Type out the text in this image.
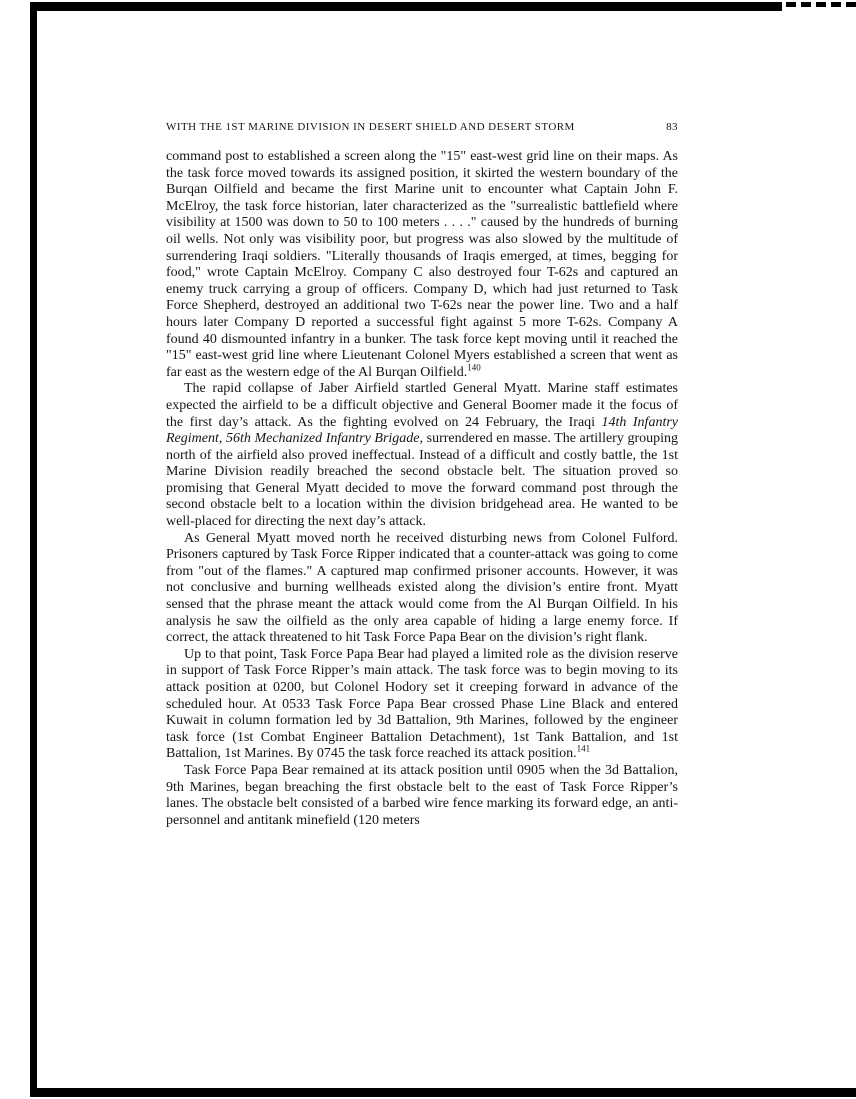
WITH THE 1ST MARINE DIVISION IN DESERT SHIELD AND DESERT STORM	83

command post to established a screen along the "15" east-west grid line on their maps. As the task force moved towards its assigned position, it skirted the western boundary of the Burqan Oilfield and became the first Marine unit to encounter what Captain John F. McElroy, the task force historian, later characterized as the "surrealistic battlefield where visibility at 1500 was down to 50 to 100 meters . . . ." caused by the hundreds of burning oil wells. Not only was visibility poor, but progress was also slowed by the multitude of surrendering Iraqi soldiers. "Literally thousands of Iraqis emerged, at times, begging for food," wrote Captain McElroy. Company C also destroyed four T-62s and captured an enemy truck carrying a group of officers. Company D, which had just returned to Task Force Shepherd, destroyed an additional two T-62s near the power line. Two and a half hours later Company D reported a successful fight against 5 more T-62s. Company A found 40 dismounted infantry in a bunker. The task force kept moving until it reached the "15" east-west grid line where Lieutenant Colonel Myers established a screen that went as far east as the western edge of the Al Burqan Oilfield.$^{140}$

The rapid collapse of Jaber Airfield startled General Myatt. Marine staff estimates expected the airfield to be a difficult objective and General Boomer made it the focus of the first day’s attack. As the fighting evolved on 24 February, the Iraqi 14th Infantry Regiment, 56th Mechanized Infantry Brigade, surrendered en masse. The artillery grouping north of the airfield also proved ineffectual. Instead of a difficult and costly battle, the 1st Marine Division readily breached the second obstacle belt. The situation proved so promising that General Myatt decided to move the forward command post through the second obstacle belt to a location within the division bridgehead area. He wanted to be well-placed for directing the next day’s attack.

As General Myatt moved north he received disturbing news from Colonel Fulford. Prisoners captured by Task Force Ripper indicated that a counter-attack was going to come from "out of the flames." A captured map confirmed prisoner accounts. However, it was not conclusive and burning wellheads existed along the division’s entire front. Myatt sensed that the phrase meant the attack would come from the Al Burqan Oilfield. In his analysis he saw the oilfield as the only area capable of hiding a large enemy force. If correct, the attack threatened to hit Task Force Papa Bear on the division’s right flank.

Up to that point, Task Force Papa Bear had played a limited role as the division reserve in support of Task Force Ripper’s main attack. The task force was to begin moving to its attack position at 0200, but Colonel Hodory set it creeping forward in advance of the scheduled hour. At 0533 Task Force Papa Bear crossed Phase Line Black and entered Kuwait in column formation led by 3d Battalion, 9th Marines, followed by the engineer task force (1st Combat Engineer Battalion Detachment), 1st Tank Battalion, and 1st Battalion, 1st Marines. By 0745 the task force reached its attack position.$^{141}$

Task Force Papa Bear remained at its attack position until 0905 when the 3d Battalion, 9th Marines, began breaching the first obstacle belt to the east of Task Force Ripper’s lanes. The obstacle belt consisted of a barbed wire fence marking its forward edge, an anti-personnel and antitank minefield (120 meters
